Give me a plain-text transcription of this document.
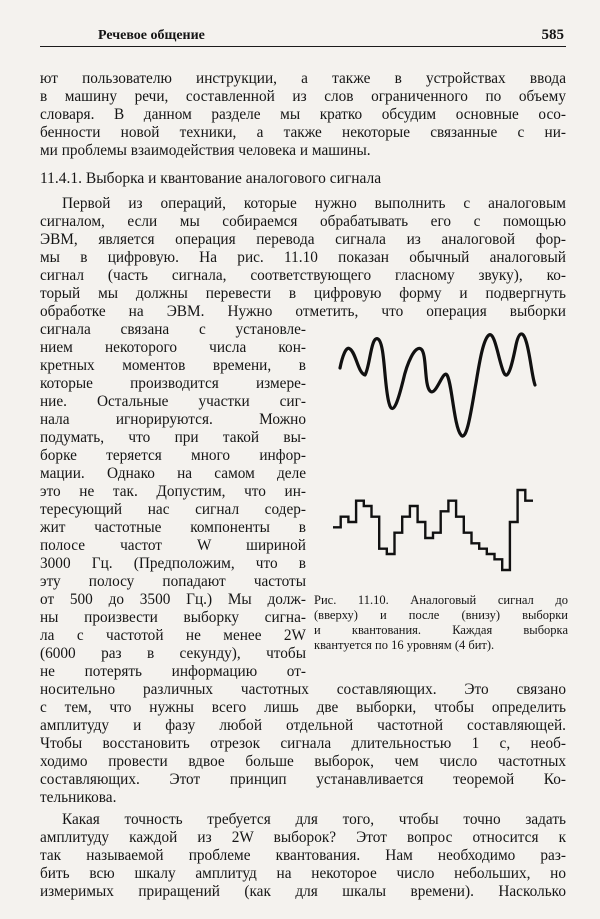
Речевое общение	585
ют пользователю инструкции, а также в устройствах ввода
в машину речи, составленной из слов ограниченного по объему
словаря. В данном разделе мы кратко обсудим основные осо-
бенности новой техники, а также некоторые связанные с ни-
ми проблемы взаимодействия человека и машины.
11.4.1. Выборка и квантование аналогового сигнала
Первой из операций, которые нужно выполнить с аналоговым
сигналом, если мы собираемся обрабатывать его с помощью
ЭВМ, является операция перевода сигнала из аналоговой фор-
мы в цифровую. На рис. 11.10 показан обычный аналоговый
сигнал (часть сигнала, соответствующего гласному звуку), ко-
торый мы должны перевести в цифровую форму и подвергнуть
обработке на ЭВМ. Нужно отметить, что операция выборки
сигнала связана с установле-
нием некоторого числа кон-
кретных моментов времени, в
которые производится измере-
ние. Остальные участки сиг-
нала игнорируются. Можно
подумать, что при такой вы-
борке теряется много инфор-
мации. Однако на самом деле
это не так. Допустим, что ин-
тересующий нас сигнал содер-
жит частотные компоненты в
полосе частот W шириной
3000 Гц. (Предположим, что в
эту полосу попадают частоты
от 500 до 3500 Гц.) Мы долж-
ны произвести выборку сигна-
ла с частотой не менее 2W
(6000 раз в секунду), чтобы
не потерять информацию от-
носительно различных частотных составляющих. Это связано
с тем, что нужны всего лишь две выборки, чтобы определить
амплитуду и фазу любой отдельной частотной составляющей.
Чтобы восстановить отрезок сигнала длительностью 1 с, необ-
ходимо провести вдвое больше выборок, чем число частотных
составляющих. Этот принцип устанавливается теоремой Ко-
тельникова.
Какая точность требуется для того, чтобы точно задать
амплитуду каждой из 2W выборок? Этот вопрос относится к
так называемой проблеме квантования. Нам необходимо раз-
бить всю шкалу амплитуд на некоторое число небольших, но
измеримых приращений (как для шкалы времени). Насколько
Рис. 11.10. Аналоговый сигнал до
(вверху) и после (внизу) выборки
и квантования. Каждая выборка
квантуется по 16 уровням (4 бит).
